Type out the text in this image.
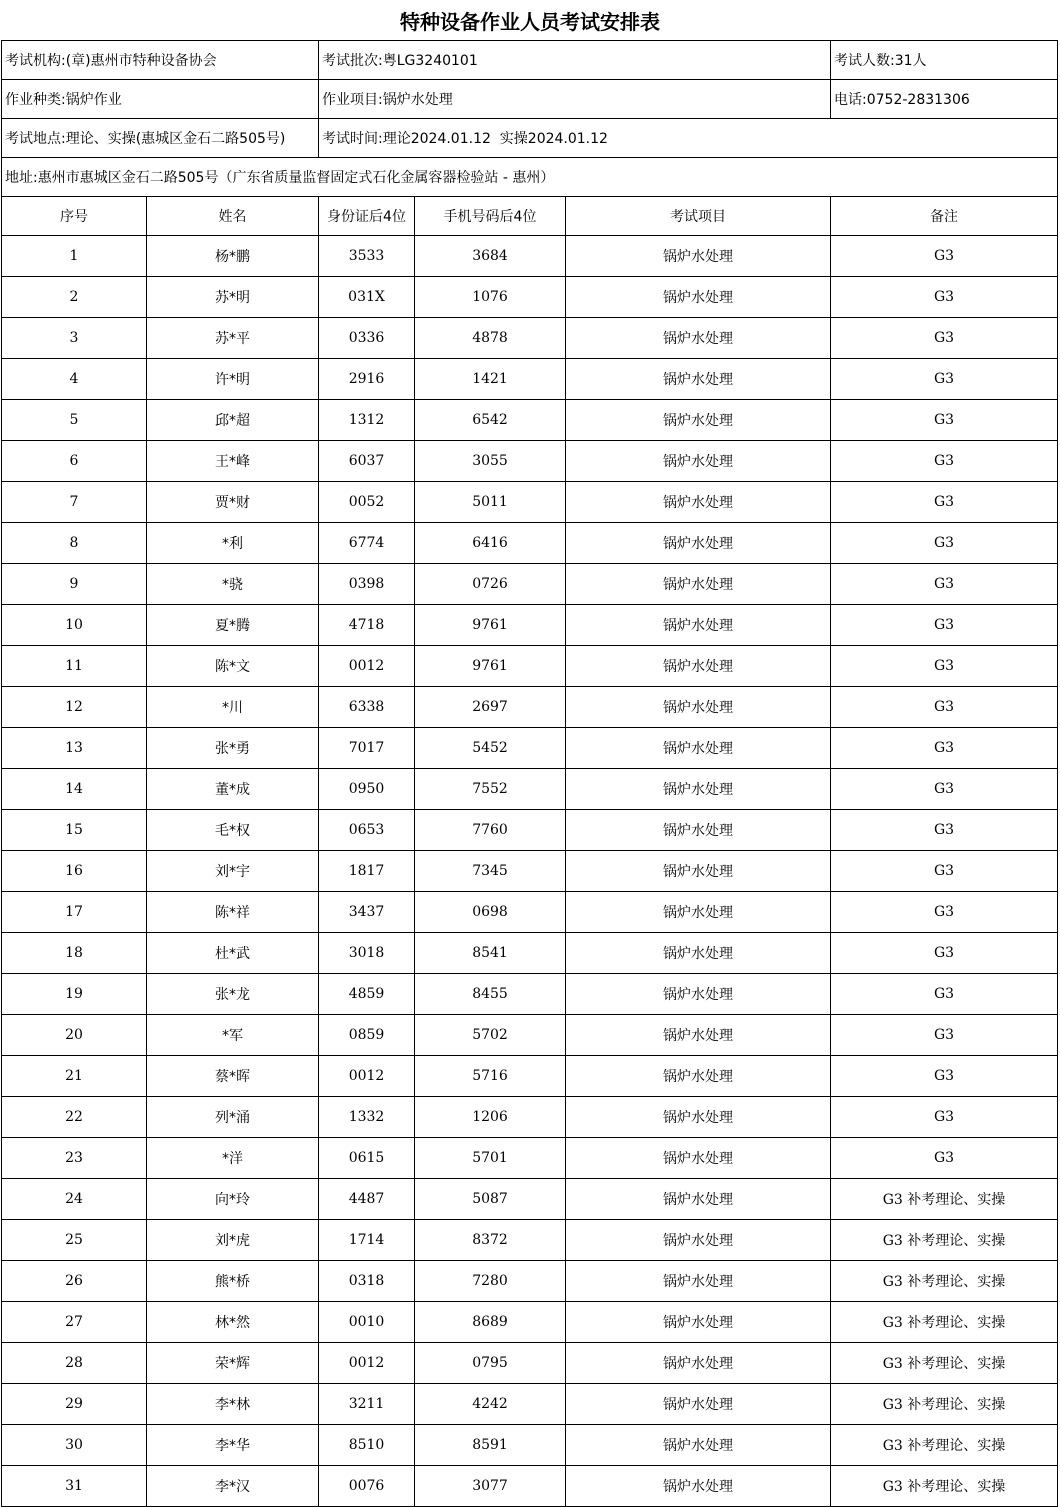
特种设备作业人员考试安排表
考试机构:(章)惠州市特种设备协会		考试批次:粤LG3240101			考试人数:31人
作业种类:锅炉作业		作业项目:锅炉水处理			电话:0752-2831306
考试地点:理论、实操(惠城区金石二路505号)		考试时间:理论2024.01.12  实操2024.01.12			
地址:惠州市惠城区金石二路505号（广东省质量监督固定式石化金属容器检验站 - 惠州）					
序号	姓名	身份证后4位	手机号码后4位	考试项目	备注
1	杨*鹏	3533	3684	锅炉水处理	G3
2	苏*明	031X	1076	锅炉水处理	G3
3	苏*平	0336	4878	锅炉水处理	G3
4	许*明	2916	1421	锅炉水处理	G3
5	邱*超	1312	6542	锅炉水处理	G3
6	王*峰	6037	3055	锅炉水处理	G3
7	贾*财	0052	5011	锅炉水处理	G3
8	*利	6774	6416	锅炉水处理	G3
9	*骁	0398	0726	锅炉水处理	G3
10	夏*腾	4718	9761	锅炉水处理	G3
11	陈*文	0012	9761	锅炉水处理	G3
12	*川	6338	2697	锅炉水处理	G3
13	张*勇	7017	5452	锅炉水处理	G3
14	董*成	0950	7552	锅炉水处理	G3
15	毛*权	0653	7760	锅炉水处理	G3
16	刘*宇	1817	7345	锅炉水处理	G3
17	陈*祥	3437	0698	锅炉水处理	G3
18	杜*武	3018	8541	锅炉水处理	G3
19	张*龙	4859	8455	锅炉水处理	G3
20	*军	0859	5702	锅炉水处理	G3
21	蔡*晖	0012	5716	锅炉水处理	G3
22	列*涌	1332	1206	锅炉水处理	G3
23	*洋	0615	5701	锅炉水处理	G3
24	向*玲	4487	5087	锅炉水处理	G3 补考理论、实操
25	刘*虎	1714	8372	锅炉水处理	G3 补考理论、实操
26	熊*桥	0318	7280	锅炉水处理	G3 补考理论、实操
27	林*然	0010	8689	锅炉水处理	G3 补考理论、实操
28	荣*辉	0012	0795	锅炉水处理	G3 补考理论、实操
29	李*林	3211	4242	锅炉水处理	G3 补考理论、实操
30	李*华	8510	8591	锅炉水处理	G3 补考理论、实操
31	李*汉	0076	3077	锅炉水处理	G3 补考理论、实操
